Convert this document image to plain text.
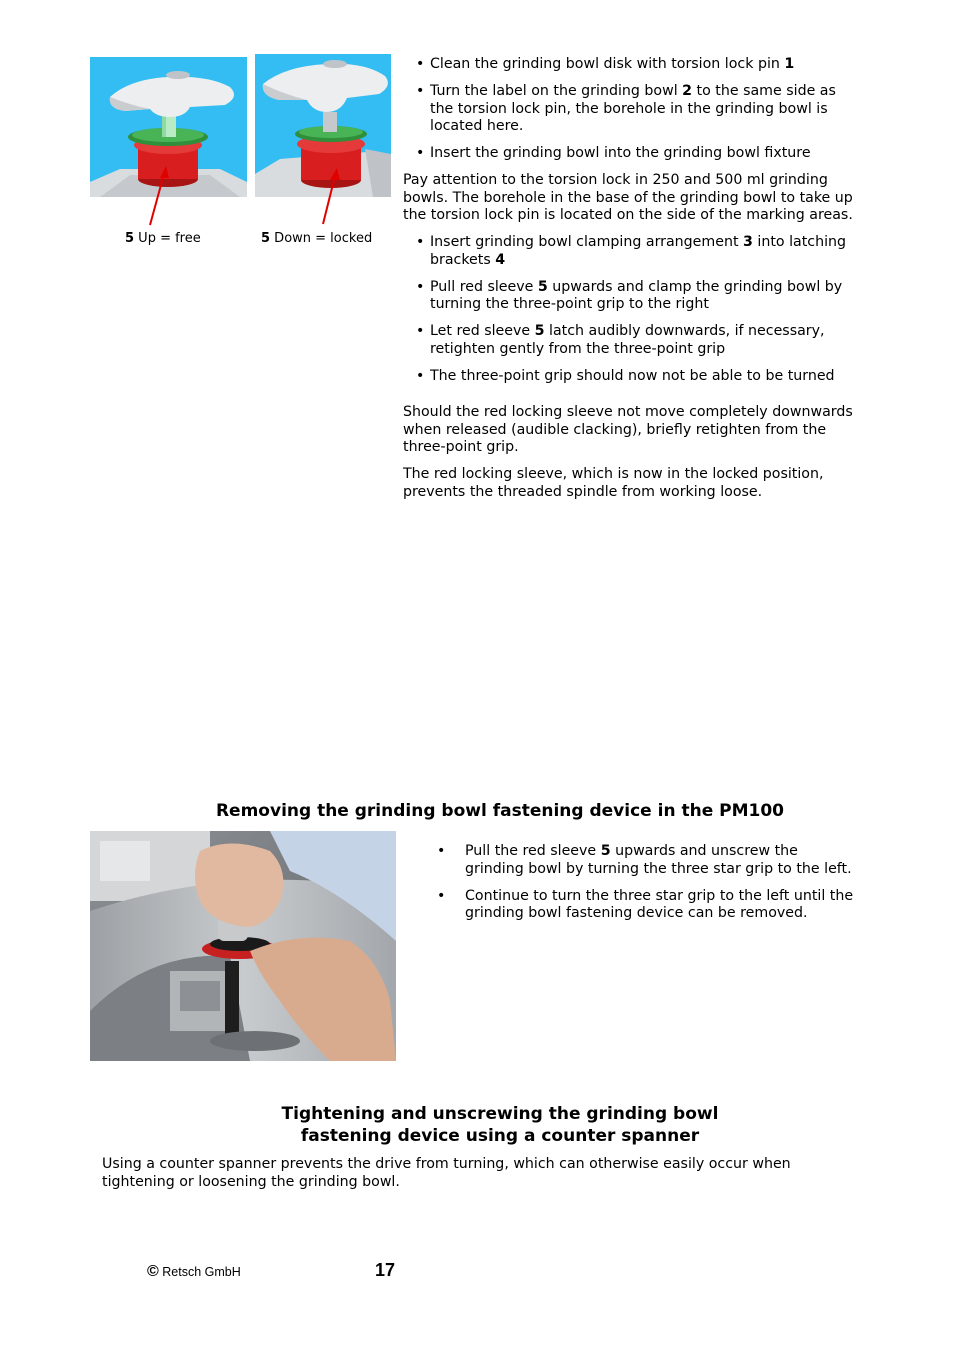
5 Up = free	5 Down = locked
• Clean the grinding bowl disk with torsion lock pin 1
• Turn the label on the grinding bowl 2 to the same side as the torsion lock pin, the borehole in the grinding bowl is located here.
• Insert the grinding bowl into the grinding bowl fixture

Pay attention to the torsion lock in 250 and 500 ml grinding bowls. The borehole in the base of the grinding bowl to take up the torsion lock pin is located on the side of the marking areas.

• Insert grinding bowl clamping arrangement 3 into latching brackets 4
• Pull red sleeve 5 upwards and clamp the grinding bowl by turning the three-point grip to the right
• Let red sleeve 5 latch audibly downwards, if necessary, retighten gently from the three-point grip
• The three-point grip should now not be able to be turned

Should the red locking sleeve not move completely downwards when released (audible clacking), briefly retighten from the three-point grip.

The red locking sleeve, which is now in the locked position, prevents the threaded spindle from working loose.

Removing the grinding bowl fastening device in the PM100
• Pull the red sleeve 5 upwards and unscrew the grinding bowl by turning the three star grip to the left.
• Continue to turn the three star grip to the left until the grinding bowl fastening device can be removed.
Tightening and unscrewing the grinding bowl
fastening device using a counter spanner
Using a counter spanner prevents the drive from turning, which can otherwise easily occur when tightening or loosening the grinding bowl.
© Retsch GmbH	17
